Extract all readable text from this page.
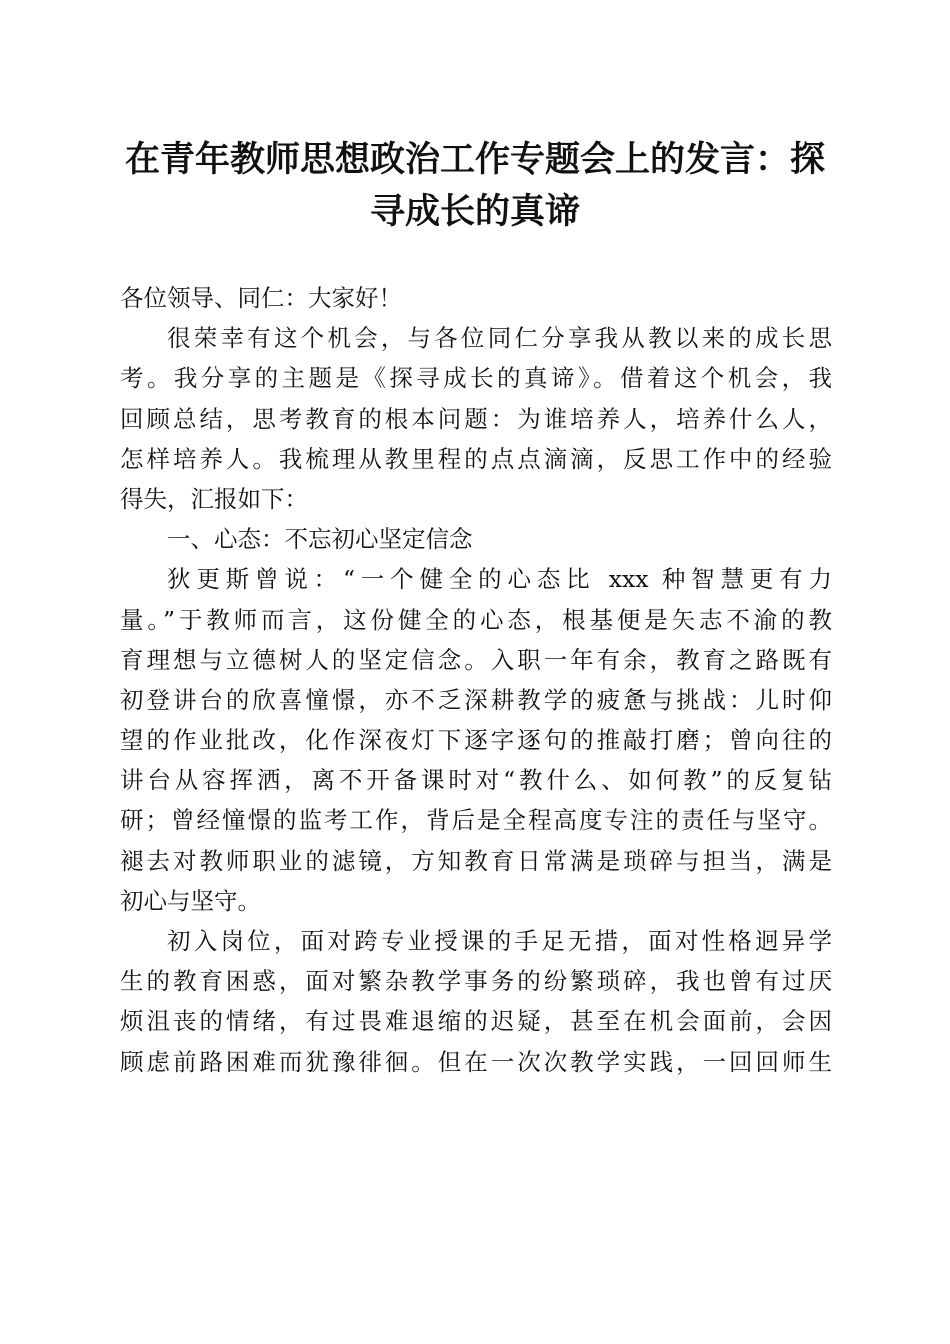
在青年教师思想政治工作专题会上的发言：探
寻成长的真谛
各位领导、同仁：大家好！
很荣幸有这个机会，与各位同仁分享我从教以来的成长思
考。我分享的主题是《探寻成长的真谛》。借着这个机会，我
回顾总结，思考教育的根本问题：为谁培养人，培养什么人，
怎样培养人。我梳理从教里程的点点滴滴，反思工作中的经验
得失，汇报如下：
一、心态：不忘初心坚定信念
狄更斯曾说：“一个健全的心态比 xxx 种智慧更有力
量。”于教师而言，这份健全的心态，根基便是矢志不渝的教
育理想与立德树人的坚定信念。入职一年有余，教育之路既有
初登讲台的欣喜憧憬，亦不乏深耕教学的疲惫与挑战：儿时仰
望的作业批改，化作深夜灯下逐字逐句的推敲打磨；曾向往的
讲台从容挥洒，离不开备课时对“教什么、如何教”的反复钻
研；曾经憧憬的监考工作，背后是全程高度专注的责任与坚守。
褪去对教师职业的滤镜，方知教育日常满是琐碎与担当，满是
初心与坚守。
初入岗位，面对跨专业授课的手足无措，面对性格迥异学
生的教育困惑，面对繁杂教学事务的纷繁琐碎，我也曾有过厌
烦沮丧的情绪，有过畏难退缩的迟疑，甚至在机会面前，会因
顾虑前路困难而犹豫徘徊。但在一次次教学实践，一回回师生
